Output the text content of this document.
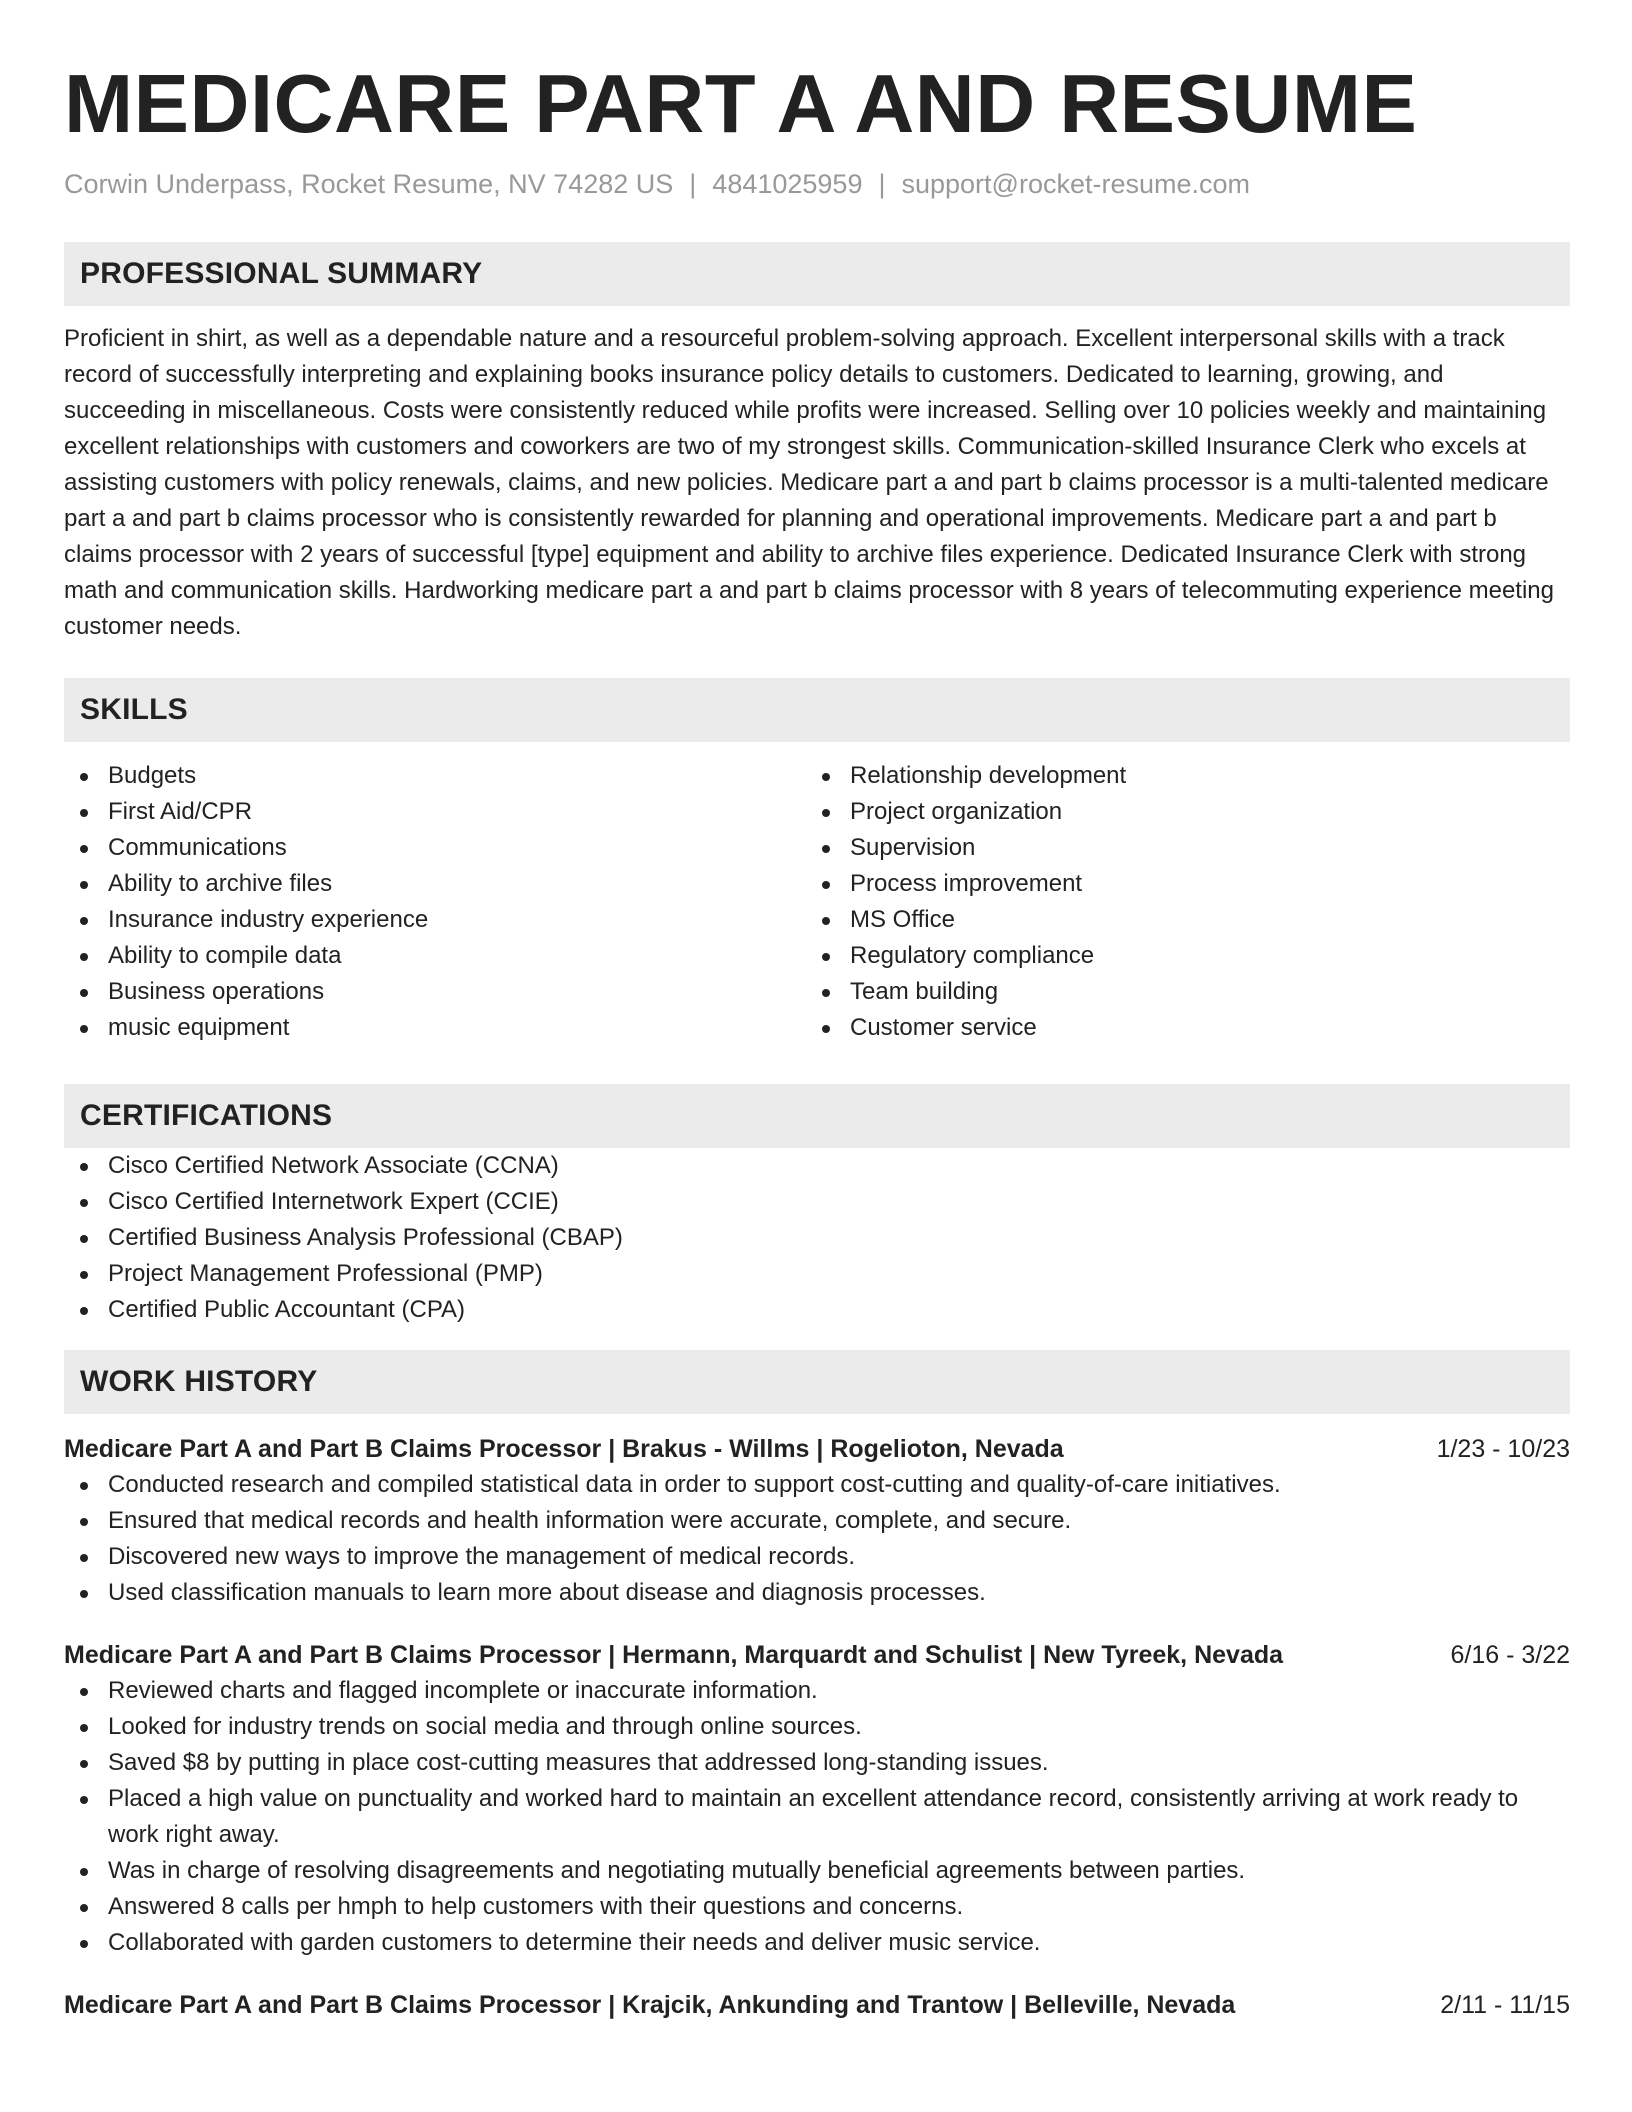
MEDICARE PART A AND RESUME
Corwin Underpass, Rocket Resume, NV 74282 US | 4841025959 | support@rocket-resume.com
PROFESSIONAL SUMMARY
Proficient in shirt, as well as a dependable nature and a resourceful problem-solving approach. Excellent interpersonal skills with a track record of successfully interpreting and explaining books insurance policy details to customers. Dedicated to learning, growing, and succeeding in miscellaneous. Costs were consistently reduced while profits were increased. Selling over 10 policies weekly and maintaining excellent relationships with customers and coworkers are two of my strongest skills. Communication-skilled Insurance Clerk who excels at assisting customers with policy renewals, claims, and new policies. Medicare part a and part b claims processor is a multi-talented medicare part a and part b claims processor who is consistently rewarded for planning and operational improvements. Medicare part a and part b claims processor with 2 years of successful [type] equipment and ability to archive files experience. Dedicated Insurance Clerk with strong math and communication skills. Hardworking medicare part a and part b claims processor with 8 years of telecommuting experience meeting customer needs.
SKILLS
Budgets
First Aid/CPR
Communications
Ability to archive files
Insurance industry experience
Ability to compile data
Business operations
music equipment
Relationship development
Project organization
Supervision
Process improvement
MS Office
Regulatory compliance
Team building
Customer service
CERTIFICATIONS
Cisco Certified Network Associate (CCNA)
Cisco Certified Internetwork Expert (CCIE)
Certified Business Analysis Professional (CBAP)
Project Management Professional (PMP)
Certified Public Accountant (CPA)
WORK HISTORY
Medicare Part A and Part B Claims Processor | Brakus - Willms | Rogelioton, Nevada	1/23 - 10/23
Conducted research and compiled statistical data in order to support cost-cutting and quality-of-care initiatives.
Ensured that medical records and health information were accurate, complete, and secure.
Discovered new ways to improve the management of medical records.
Used classification manuals to learn more about disease and diagnosis processes.
Medicare Part A and Part B Claims Processor | Hermann, Marquardt and Schulist | New Tyreek, Nevada	6/16 - 3/22
Reviewed charts and flagged incomplete or inaccurate information.
Looked for industry trends on social media and through online sources.
Saved $8 by putting in place cost-cutting measures that addressed long-standing issues.
Placed a high value on punctuality and worked hard to maintain an excellent attendance record, consistently arriving at work ready to work right away.
Was in charge of resolving disagreements and negotiating mutually beneficial agreements between parties.
Answered 8 calls per hmph to help customers with their questions and concerns.
Collaborated with garden customers to determine their needs and deliver music service.
Medicare Part A and Part B Claims Processor | Krajcik, Ankunding and Trantow | Belleville, Nevada	2/11 - 11/15
